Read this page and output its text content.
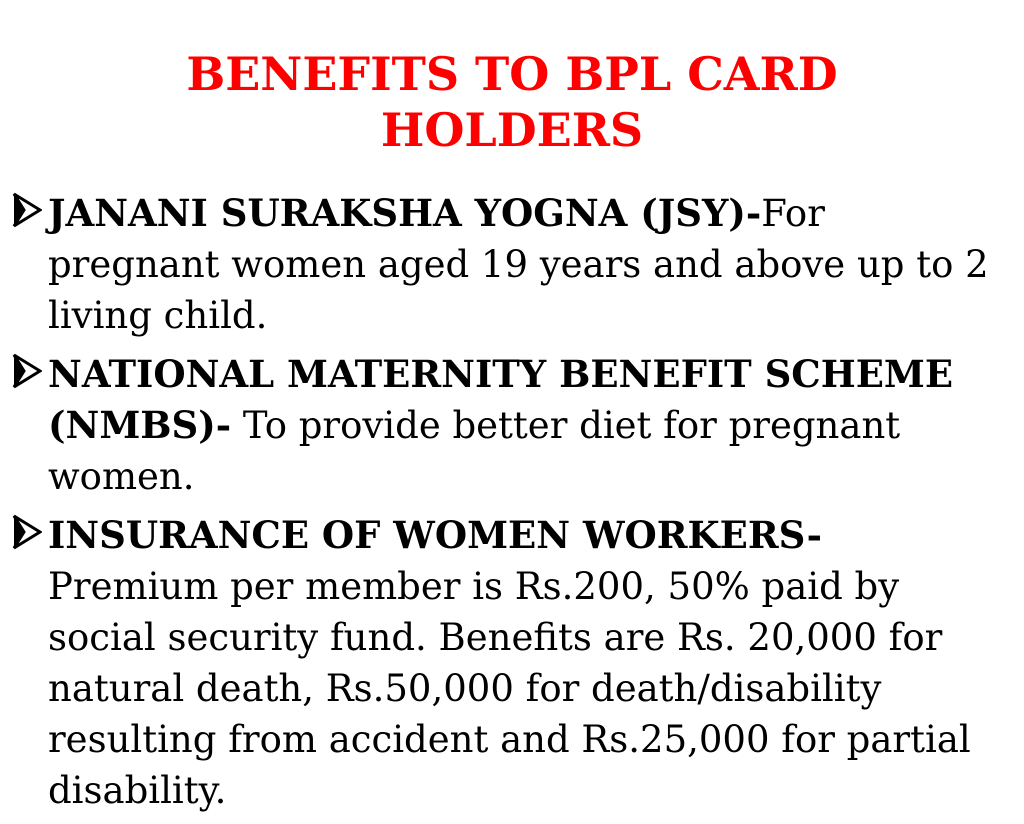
BENEFITS TO BPL CARD
HOLDERS
JANANI SURAKSHA YOGNA (JSY)-For pregnant women aged 19 years and above up to 2 living child.
NATIONAL MATERNITY BENEFIT SCHEME (NMBS)- To provide better diet for pregnant women.
INSURANCE OF WOMEN WORKERS- Premium per member is Rs.200, 50% paid by social security fund. Benefits are Rs. 20,000 for natural death, Rs.50,000 for death/disability resulting from accident and Rs.25,000 for partial disability.
